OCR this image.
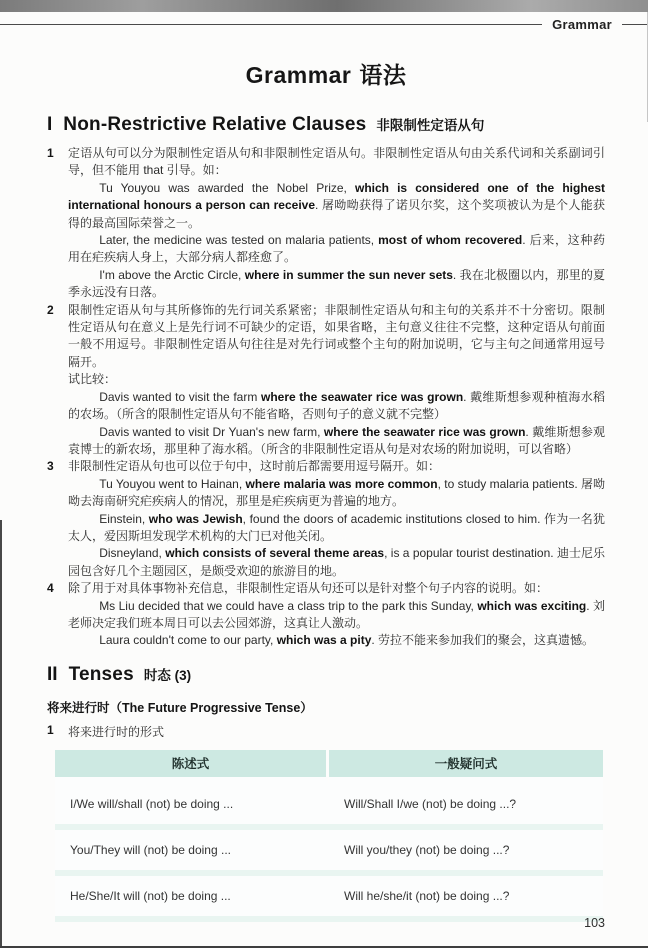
Grammar
Grammar 语法
I Non-Restrictive Relative Clauses 非限制性定语从句
1 定语从句可以分为限制性定语从句和非限制性定语从句。非限制性定语从句由关系代词和关系副词引导，但不能用 that 引导。如：

Tu Youyou was awarded the Nobel Prize, which is considered one of the highest international honours a person can receive. 屠呦呦获得了诺贝尔奖，这个奖项被认为是个人能获得的最高国际荣誉之一。

Later, the medicine was tested on malaria patients, most of whom recovered. 后来，这种药用在疟疾病人身上，大部分病人都痊愈了。

I'm above the Arctic Circle, where in summer the sun never sets. 我在北极圈以内，那里的夏季永远没有日落。

2 限制性定语从句与其所修饰的先行词关系紧密；非限制性定语从句和主句的关系并不十分密切。限制性定语从句在意义上是先行词不可缺少的定语，如果省略，主句意义往往不完整，这种定语从句前面一般不用逗号。非限制性定语从句往往是对先行词或整个主句的附加说明，它与主句之间通常用逗号隔开。

试比较：

Davis wanted to visit the farm where the seawater rice was grown. 戴维斯想参观种植海水稻的农场。（所含的限制性定语从句不能省略，否则句子的意义就不完整）

Davis wanted to visit Dr Yuan's new farm, where the seawater rice was grown. 戴维斯想参观袁博士的新农场，那里种了海水稻。（所含的非限制性定语从句是对农场的附加说明，可以省略）

3 非限制性定语从句也可以位于句中，这时前后都需要用逗号隔开。如：

Tu Youyou went to Hainan, where malaria was more common, to study malaria patients. 屠呦呦去海南研究疟疾病人的情况，那里是疟疾病更为普遍的地方。

Einstein, who was Jewish, found the doors of academic institutions closed to him. 作为一名犹太人，爱因斯坦发现学术机构的大门已对他关闭。

Disneyland, which consists of several theme areas, is a popular tourist destination. 迪士尼乐园包含好几个主题园区，是颇受欢迎的旅游目的地。

4 除了用于对具体事物补充信息，非限制性定语从句还可以是针对整个句子内容的说明。如：

Ms Liu decided that we could have a class trip to the park this Sunday, which was exciting. 刘老师决定我们班本周日可以去公园郊游，这真让人激动。

Laura couldn't come to our party, which was a pity. 劳拉不能来参加我们的聚会，这真遗憾。

II Tenses 时态 (3)

将来进行时（The Future Progressive Tense）

1 将来进行时的形式
陈述式	一般疑问式
I/We will/shall (not) be doing ...	Will/Shall I/we (not) be doing ...?
You/They will (not) be doing ...	Will you/they (not) be doing ...?
He/She/It will (not) be doing ...	Will he/she/it (not) be doing ...?
103
